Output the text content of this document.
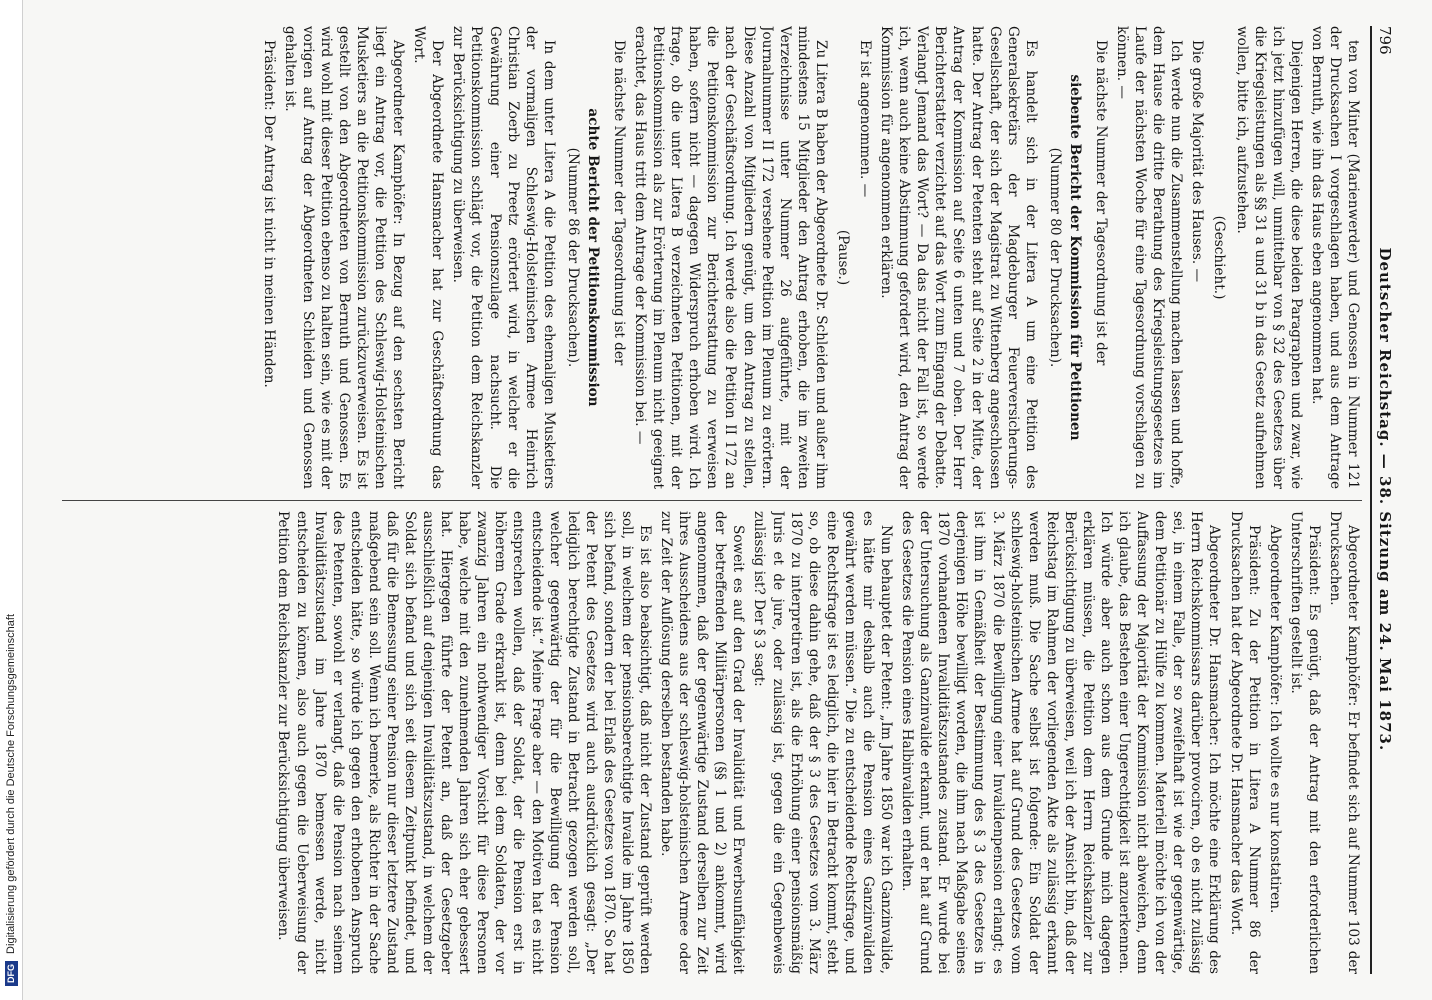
796
Deutscher Reichstag. — 38. Sitzung am 24. Mai 1873.

ten von Minter (Marienwerder) und Genossen in Nummer 121 der Drucksachen I vorgeschlagen haben, und aus dem Antrage von Bernuth, wie ihn das Haus eben angenommen hat.

Diejenigen Herren, die diese beiden Paragraphen und zwar, wie ich jetzt hinzufügen will, unmittelbar von § 32 des Gesetzes über die Kriegsleistungen als §§ 31 a und 31 b in das Gesetz aufnehmen wollen, bitte ich, aufzustehen.

(Geschieht.)

Die große Majorität des Hauses. —

Ich werde nun die Zusammenstellung machen lassen und hoffe, dem Hause die dritte Berathung des Kriegsleistungsgesetzes im Laufe der nächsten Woche für eine Tagesordnung vorschlagen zu können. —

Die nächste Nummer der Tagesordnung ist der

siebente Bericht der Kommission für Petitionen

(Nummer 80 der Drucksachen).

Es handelt sich in der Litera A um eine Petition des Generalsekretärs der Magdeburger Feuerversicherungs-Gesellschaft, der sich der Magistrat zu Wittenberg angeschlossen hatte. Der Antrag der Petenten steht auf Seite 2 in der Mitte, der Antrag der Kommission auf Seite 6 unten und 7 oben. Der Herr Berichterstatter verzichtet auf das Wort zum Eingang der Debatte. Verlangt Jemand das Wort? — Da das nicht der Fall ist, so werde ich, wenn auch keine Abstimmung gefordert wird, den Antrag der Kommission für angenommen erklären.

Er ist angenommen. —

(Pause.)

Zu Litera B haben der Abgeordnete Dr. Schleiden und außer ihm mindestens 15 Mitglieder den Antrag erhoben, die im zweiten Verzeichnisse unter Nummer 26 aufgeführte, mit der Journalnummer II 172 versehene Petition im Plenum zu erörtern. Diese Anzahl von Mitgliedern genügt, um den Antrag zu stellen, nach der Geschäftsordnung. Ich werde also die Petition II 172 an die Petitionskommission zur Berichterstattung zu verweisen haben, sofern nicht — dagegen Widerspruch erhoben wird. Ich frage, ob die unter Litera B verzeichneten Petitionen, mit der Petitionskommission als zur Erörterung im Plenum nicht geeignet erachtet, das Haus tritt dem Antrage der Kommission bei. —

Die nächste Nummer der Tagesordnung ist der

achte Bericht der Petitionskommission

(Nummer 86 der Drucksachen).

In dem unter Litera A die Petition des ehemaligen Musketiers der vormaligen Schleswig-Holsteinischen Armee Heinrich Christian Zoerb zu Preetz erörtert wird, in welcher er die Gewährung einer Pensionszulage nachsucht. Die Petitionskommission schlägt vor, die Petition dem Reichskanzler zur Berücksichtigung zu überweisen.

Der Abgeordnete Hansmacher hat zur Geschäftsordnung das Wort.

Abgeordneter Kamphöfer: In Bezug auf den sechsten Bericht liegt ein Antrag vor, die Petition des Schleswig-Holsteinischen Musketiers an die Petitionskommission zurückzuverweisen. Es ist gestellt von den Abgeordneten von Bernuth und Genossen. Es wird wohl mit dieser Petition ebenso zu halten sein, wie es mit der vorigen auf Antrag der Abgeordneten Schleiden und Genossen gehalten ist.

Präsident: Der Antrag ist nicht in meinen Händen.

Abgeordneter Kamphöfer: Er befindet sich auf Nummer 103 der Drucksachen.

Präsident: Es genügt, daß der Antrag mit den erforderlichen Unterschriften gestellt ist.

Abgeordneter Kamphöfer: Ich wollte es nur konstatiren.

Präsident: Zu der Petition in Litera A Nummer 86 der Drucksachen hat der Abgeordnete Dr. Hansmacher das Wort.

Abgeordneter Dr. Hansmacher: Ich möchte eine Erklärung des Herrn Reichskommissars darüber provociren, ob es nicht zulässig sei, in einem Falle, der so zweifelhaft ist wie der gegenwärtige, dem Petitionär zu Hülfe zu kommen. Materiell möchte ich von der Auffassung der Majorität der Kommission nicht abweichen, denn ich glaube, das Bestehen einer Ungerechtigkeit ist anzuerkennen. Ich würde aber auch schon aus dem Grunde mich dagegen erklären müssen, die Petition dem Herrn Reichskanzler zur Berücksichtigung zu überweisen, weil ich der Ansicht bin, daß der Reichstag im Rahmen der vorliegenden Akte als zulässig erkannt werden muß. Die Sache selbst ist folgende: Ein Soldat der schleswig-holsteinischen Armee hat auf Grund des Gesetzes vom 3. März 1870 die Bewilligung einer Invalidenpension erlangt; es ist ihm in Gemäßheit der Bestimmung des § 3 des Gesetzes in derjenigen Höhe bewilligt worden, die ihm nach Maßgabe seines 1870 vorhandenen Invaliditätszustandes zustand. Er wurde bei der Untersuchung als Ganzinvalide erkannt, und er hat auf Grund des Gesetzes die Pension eines Halbinvaliden erhalten.

Nun behauptet der Petent: „Im Jahre 1850 war ich Ganzinvalide, es hätte mir deshalb auch die Pension eines Ganzinvaliden gewährt werden müssen.“ Die zu entscheidende Rechtsfrage, und eine Rechtsfrage ist es lediglich, die hier in Betracht kommt, steht so, ob diese dahin gehe, daß der § 3 des Gesetzes vom 3. März 1870 zu interpretiren ist, als die Erhöhung einer pensionsmäßig Juris et de jure, oder zulässig ist, gegen die ein Gegenbeweis zulässig ist? Der § 3 sagt:

Soweit es auf den Grad der Invalidität und Erwerbsunfähigkeit der betreffenden Militärpersonen (§§ 1 und 2) ankommt, wird angenommen, daß der gegenwärtige Zustand derselben zur Zeit ihres Ausscheidens aus der schleswig-holsteinischen Armee oder zur Zeit der Auflösung derselben bestanden habe.

Es ist also beabsichtigt, daß nicht der Zustand geprüft werden soll, in welchem der pensionsberechtigte Invalide im Jahre 1850 sich befand, sondern der bei Erlaß des Gesetzes von 1870. So hat der Petent des Gesetzes wird auch ausdrücklich gesagt: „Der lediglich berechtigte Zustand in Betracht gezogen werden soll, welcher gegenwärtig der für die Bewilligung der Pension entscheidende ist.“ Meine Frage aber — den Motiven hat es nicht entsprechen wollen, daß der Soldat, der die Pension erst in höherem Grade erkrankt ist, denn bei dem Soldaten, der vor zwanzig Jahren ein nothwendiger Vorsicht für diese Personen habe, welche mit den zunehmenden Jahren sich eher gebessert hat. Hiergegen führte der Petent an, daß der Gesetzgeber ausschließlich auf denjenigen Invaliditätszustand, in welchem der Soldat sich befand und sich seit diesem Zeitpunkt befindet, und daß für die Bemessung seiner Pension nur dieser letztere Zustand maßgebend sein soll. Wenn ich bemerke, als Richter in der Sache entscheiden hätte, so würde ich gegen den erhobenen Anspruch des Petenten, sowohl er verlangt, daß die Pension nach seinem Invaliditätszustand im Jahre 1870 bemessen werde, nicht entscheiden zu können, also auch gegen die Ueberweisung der Petition dem Reichskanzler zur Berücksichtigung überweisen.

DFG Digitalisierung gefördert durch die Deutsche Forschungsgemeinschaft
